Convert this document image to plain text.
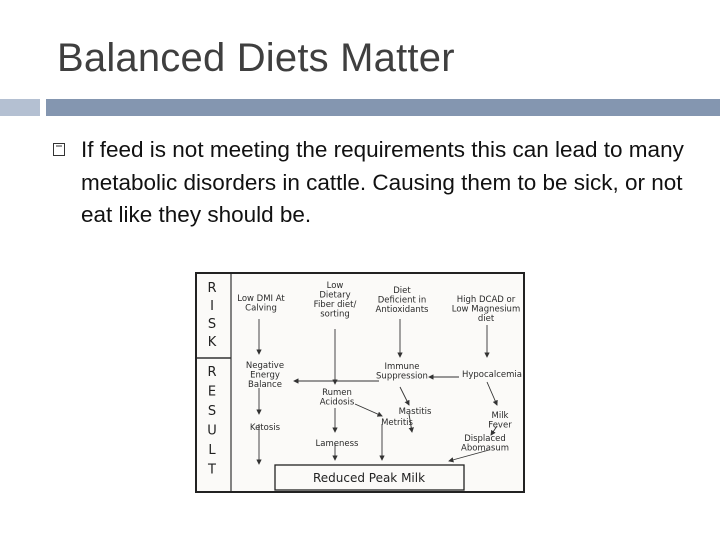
Balanced Diets Matter
If feed is not meeting the requirements this can lead to many metabolic disorders in cattle. Causing them to be sick, or not eat like they should be.
R
I
S
K
R
E
S
U
L
T
Low DMI At Calving
Low Dietary Fiber diet/ sorting
Diet Deficient in Antioxidants
High DCAD or Low Magnesium diet
Negative Energy Balance
Immune Suppression	Hypocalcemia
Rumen Acidosis
Mastitis	Milk Fever
Ketosis	Metritis
Lameness	Displaced Abomasum
Reduced Peak Milk
